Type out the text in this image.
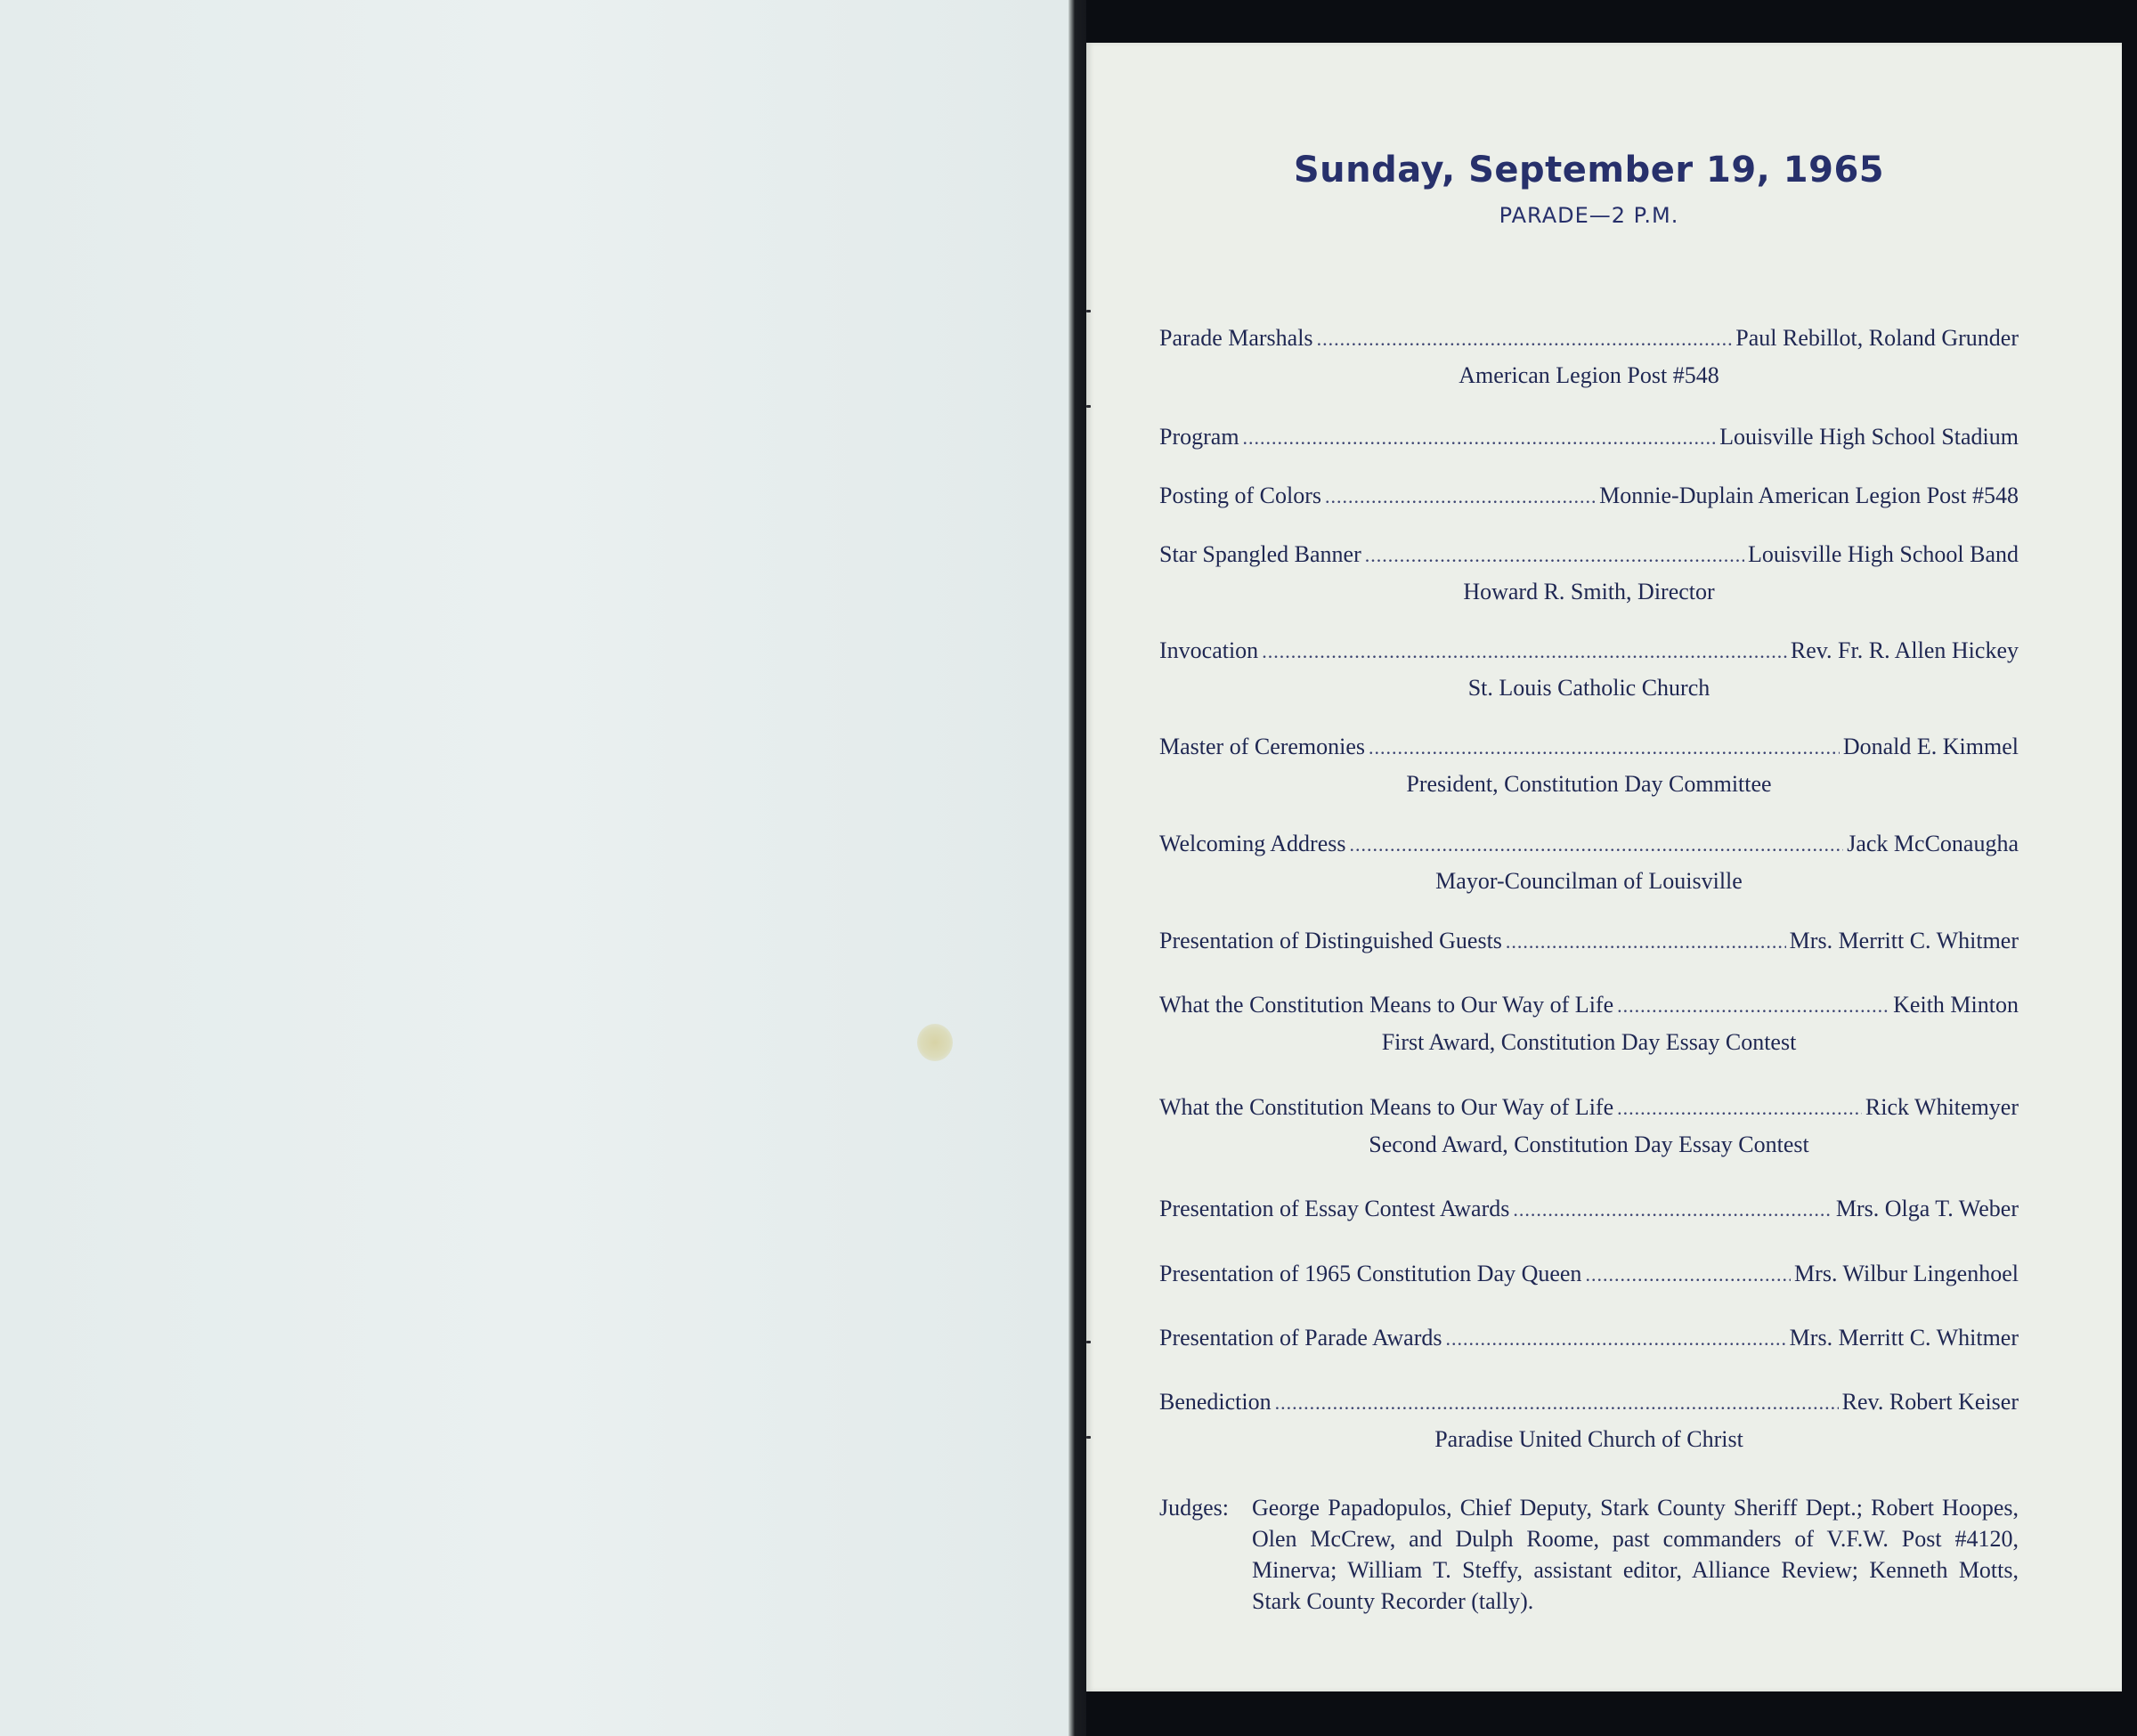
Sunday, September 19, 1965
PARADE—2 P.M.
Parade Marshals .....	Paul Rebillot, Roland Grunder
American Legion Post #548
Program .....	Louisville High School Stadium
Posting of Colors .....	Monnie-Duplain American Legion Post #548
Star Spangled Banner .....	Louisville High School Band
Howard R. Smith, Director
Invocation .....	Rev. Fr. R. Allen Hickey
St. Louis Catholic Church
Master of Ceremonies .....	Donald E. Kimmel
President, Constitution Day Committee
Welcoming Address .....	Jack McConaugha
Mayor-Councilman of Louisville
Presentation of Distinguished Guests .....	Mrs. Merritt C. Whitmer
What the Constitution Means to Our Way of Life .....	Keith Minton
First Award, Constitution Day Essay Contest
What the Constitution Means to Our Way of Life .....	Rick Whitemyer
Second Award, Constitution Day Essay Contest
Presentation of Essay Contest Awards .....	Mrs. Olga T. Weber
Presentation of 1965 Constitution Day Queen .....	Mrs. Wilbur Lingenhoel
Presentation of Parade Awards .....	Mrs. Merritt C. Whitmer
Benediction .....	Rev. Robert Keiser
Paradise United Church of Christ
Judges:	George Papadopulos, Chief Deputy, Stark County Sheriff Dept.; Robert Hoopes, Olen McCrew, and Dulph Roome, past commanders of V.F.W. Post #4120, Minerva; William T. Steffy, assistant editor, Alliance Review; Kenneth Motts, Stark County Recorder (tally).
